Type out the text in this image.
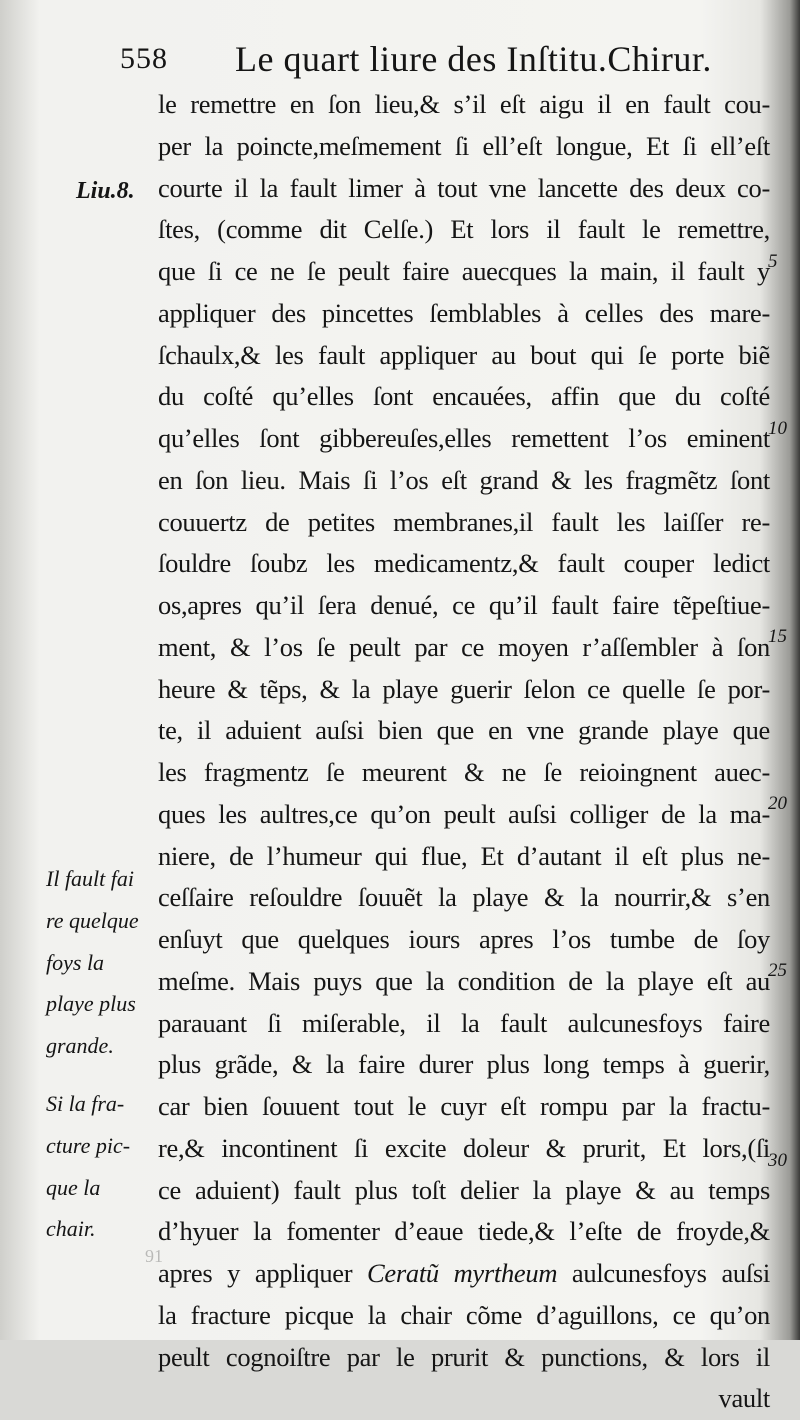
558 Le quart liure des Inſtitu.Chirur.
le remettre en ſon lieu,& s’il eſt aigu il en fault cou-
per la poincte,meſmement ſi ell’eſt longue, Et ſi ell’eſt
courte il la fault limer à tout vne lancette des deux co-
ſtes, (comme dit Celſe.) Et lors il fault le remettre,
que ſi ce ne ſe peult faire auecques la main, il fault y
appliquer des pincettes ſemblables à celles des mare-
ſchaulx,& les fault appliquer au bout qui ſe porte biẽ
du coſté qu’elles ſont encauées, affin que du coſté
qu’elles ſont gibbereuſes,elles remettent l’os eminent
en ſon lieu. Mais ſi l’os eſt grand & les fragmẽtz ſont
couuertz de petites membranes,il fault les laiſſer re-
ſouldre ſoubz les medicamentz,& fault couper ledict
os,apres qu’il ſera denué, ce qu’il fault faire tẽpeſtiue-
ment, & l’os ſe peult par ce moyen r’aſſembler à ſon
heure & tẽps, & la playe guerir ſelon ce quelle ſe por-
te, il aduient auſsi bien que en vne grande playe que
les fragmentz ſe meurent & ne ſe reioingnent auec-
ques les aultres,ce qu’on peult auſsi colliger de la ma-
niere, de l’humeur qui flue, Et d’autant il eſt plus ne-
ceſſaire reſouldre ſouuẽt la playe & la nourrir,& s’en
enſuyt que quelques iours apres l’os tumbe de ſoy
meſme. Mais puys que la condition de la playe eſt au
parauant ſi miſerable, il la fault aulcunesfoys faire
plus grãde, & la faire durer plus long temps à guerir,
car bien ſouuent tout le cuyr eſt rompu par la fractu-
re,& incontinent ſi excite doleur & prurit, Et lors,(ſi
ce aduient) fault plus toſt delier la playe & au temps
d’hyuer la fomenter d’eaue tiede,& l’eſte de froyde,&
apres y appliquer Ceratũ myrtheum aulcunesfoys auſsi
la fracture picque la chair cõme d’aguillons, ce qu’on
peult cognoiſtre par le prurit & punctions, & lors il
vault
5
10
15
20
25
30
Liu.8.
Il fault fai
re quelque
foys la
playe plus
grande.
Si la fra-
cture pic-
que la
chair.
91
